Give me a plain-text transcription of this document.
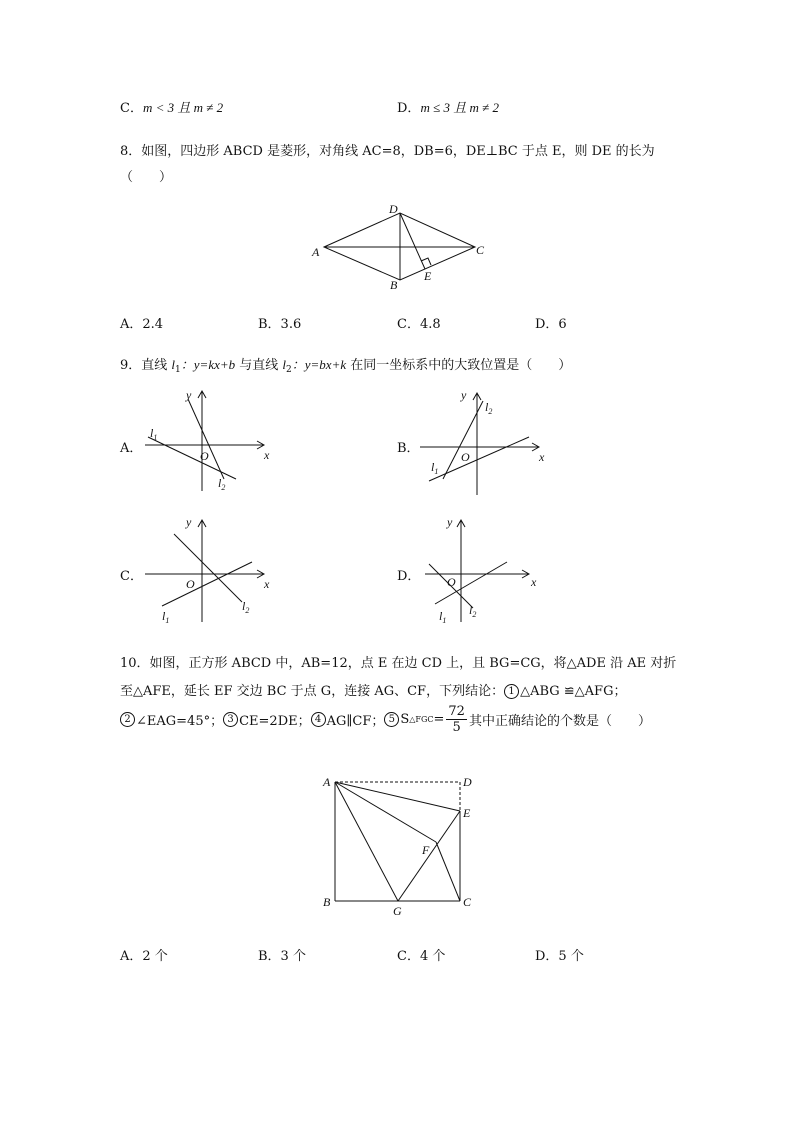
C．m < 3 且 m ≠ 2	D．m ≤ 3 且 m ≠ 2
8．如图，四边形 ABCD 是菱形，对角线 AC=8，DB=6，DE⊥BC 于点 E，则 DE 的长为
（　　）
A
D
C
B
E
A．2.4	B．3.6	C．4.8	D．6
9．直线 $l_1$：y=kx+b 与直线 $l_2$：y=bx+k 在同一坐标系中的大致位置是（　　）
A．	x
y
O
$l_1$
$l_2$
B．
x
y
O
$l_1$
$l_2$
C．	x
y
O
$l_1$
$l_2$
D．	x
y
O
$l_1$
$l_2$
10．如图，正方形 ABCD 中，AB=12，点 E 在边 CD 上，且 BG=CG，将△ADE 沿 AE 对折
至△AFE，延长 EF 交边 BC 于点 G，连接 AG、CF，下列结论： 1 △ABG ≌△AFG；
2 ∠EAG=45°； 3 CE=2DE； 4 AG∥CF； 5 S △FGC = $\frac{72}{5}$ 其中正确结论的个数是（　　）
A	D
E
F
B
G
C
A．2 个	B．3 个	C．4 个	D．5 个
